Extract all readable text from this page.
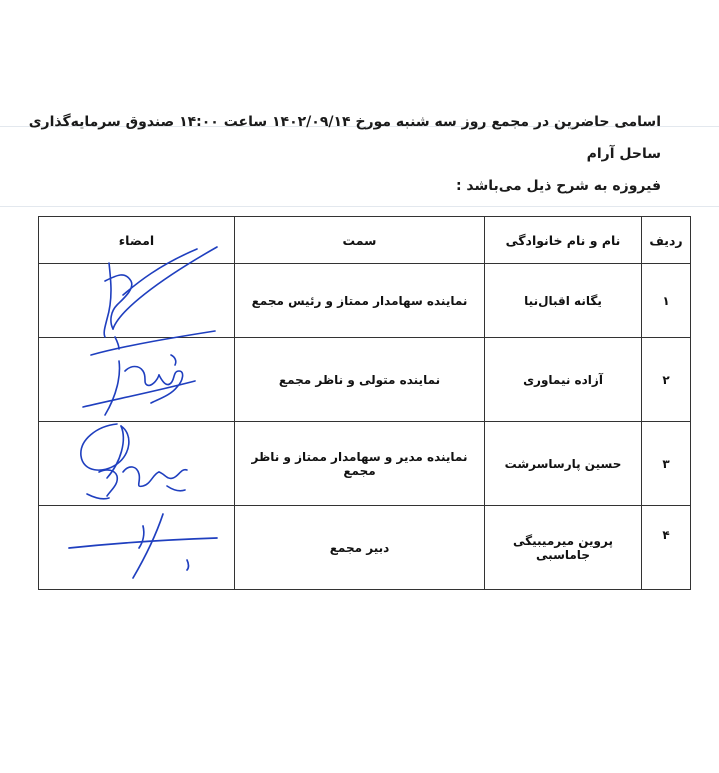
اسامی حاضرین در مجمع روز سه شنبه مورخ ۱۴۰۲/۰۹/۱۴ ساعت ۱۴:۰۰ صندوق سرمایه‌گذاری ساحل آرام
فیروزه به شرح ذیل می‌باشد :
ردیف	نام و نام خانوادگی	سمت	امضاء
۱	یگانه اقبال‌نیا	نماینده سهامدار ممتاز و رئیس مجمع	

۲	آزاده نیماوری	نماینده متولی و ناظر مجمع	

۳	حسین پارساسرشت	نماینده مدیر و سهامدار ممتاز و ناظر مجمع	

۴	پروین میرمیبیگی جاماسبی	دبیر مجمع	
